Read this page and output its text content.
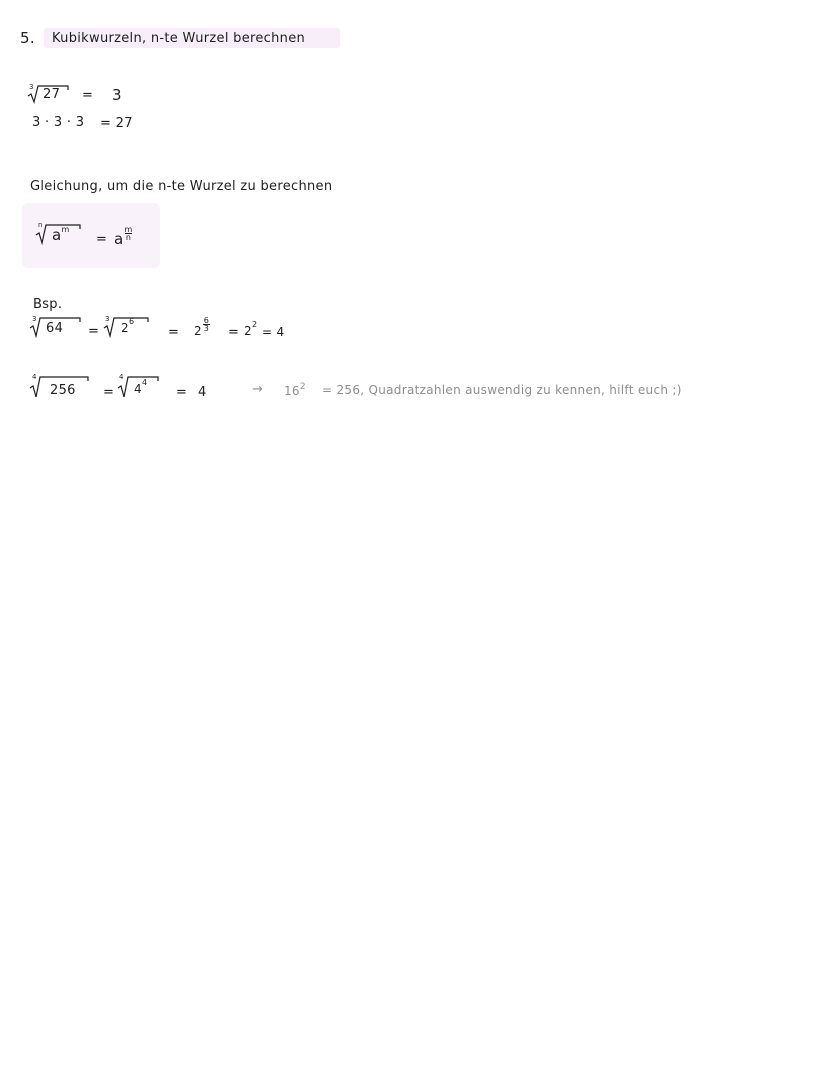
5. Kubikwurzeln, n-te Wurzel berechnen
3 27 = 3
3 · 3 · 3 = 27
Gleichung, um die n-te Wurzel zu berechnen
n
$a^m$
= a $\frac{m}{n}$
Bsp.
3
64 =
3
$2^6$
= $2 \frac{6}{3}$
= $2^2$
= 4
4
256 =
4
$4^4$
= 4	→ $16^2 = 256$, Quadratzahlen auswendig zu kennen, hilft euch ;)
